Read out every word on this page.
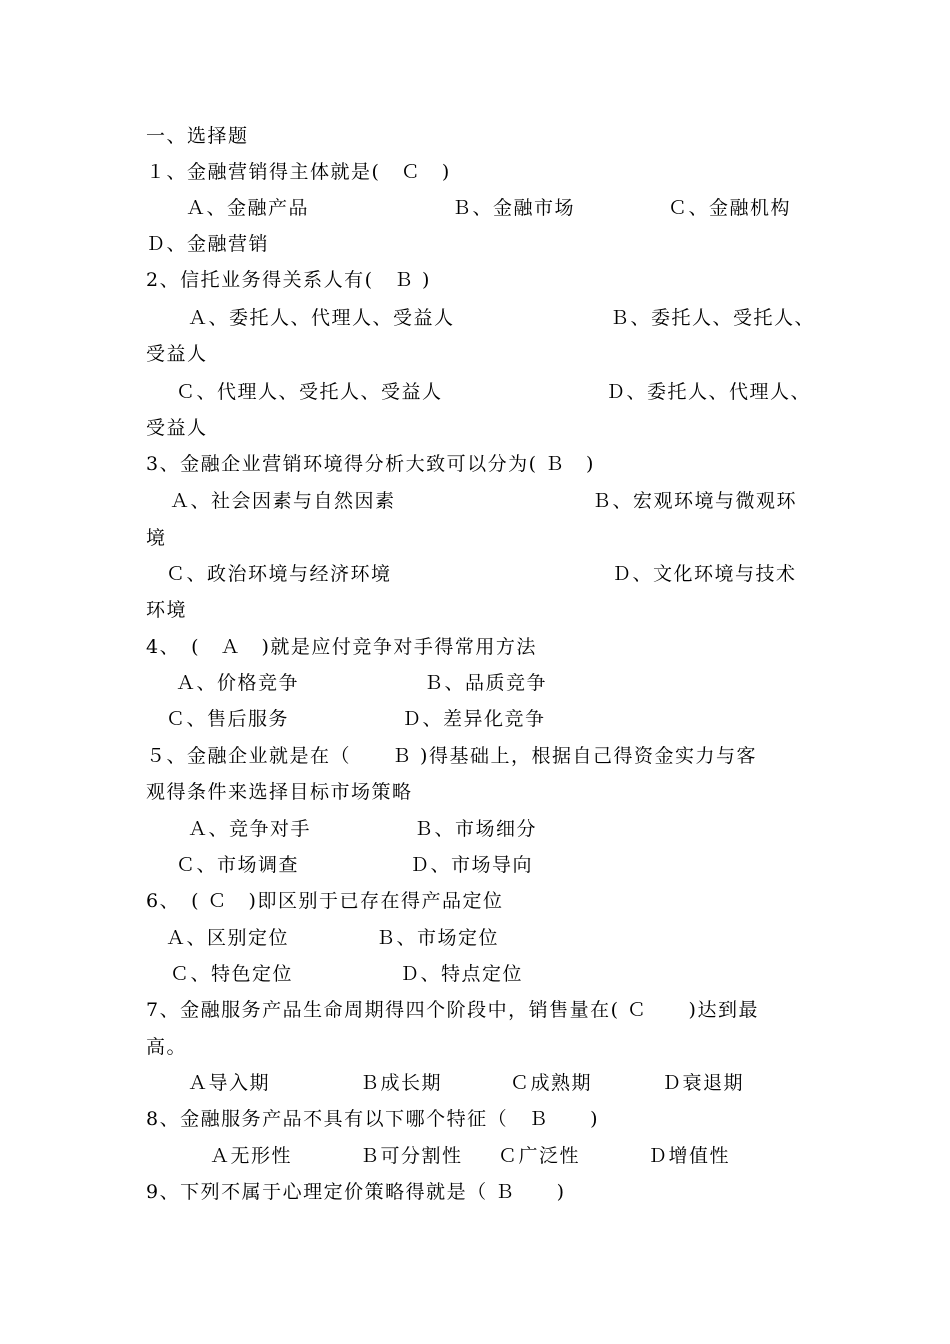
一、选择题
１、金融营销得主体就是(　Ｃ　)
Ａ、金融产品	Ｂ、金融市场	Ｃ、金融机构
Ｄ、金融营销
2、信托业务得关系人有(　Ｂ )
Ａ、委托人、代理人、受益人	Ｂ、委托人、受托人、
受益人
Ｃ、代理人、受托人、受益人	Ｄ、委托人、代理人、
受益人
3、金融企业营销环境得分析大致可以分为( Ｂ　)
Ａ、社会因素与自然因素	Ｂ、宏观环境与微观环
境
Ｃ、政治环境与经济环境	Ｄ、文化环境与技术
环境
4、　(　Ａ　)就是应付竞争对手得常用方法
Ａ、价格竞争	Ｂ、品质竞争
Ｃ、售后服务	Ｄ、差异化竞争
５、金融企业就是在（　　Ｂ )得基础上，根据自己得资金实力与客
观得条件来选择目标市场策略
Ａ、竞争对手	Ｂ、市场细分
Ｃ、市场调查	Ｄ、市场导向
6、　( Ｃ　)即区别于已存在得产品定位
Ａ、区别定位	Ｂ、市场定位
Ｃ、特色定位	Ｄ、特点定位
7、金融服务产品生命周期得四个阶段中，销售量在( Ｃ　　)达到最
高。
Ａ导入期	Ｂ成长期	Ｃ成熟期	Ｄ衰退期
8、金融服务产品不具有以下哪个特征（　Ｂ　　)
Ａ无形性	Ｂ可分割性 Ｃ广泛性	Ｄ增值性
9、下列不属于心理定价策略得就是（ Ｂ　　)
